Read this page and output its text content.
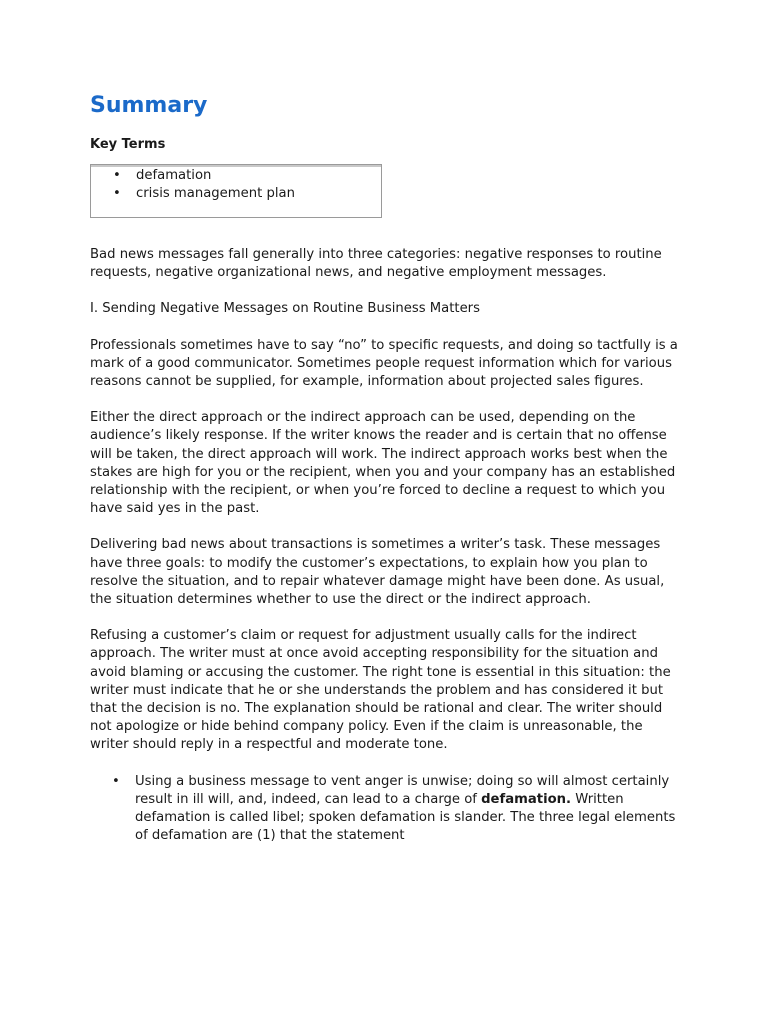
Summary
Key Terms
• defamation
• crisis management plan

Bad news messages fall generally into three categories: negative responses to routine requests, negative organizational news, and negative employment messages.

I. Sending Negative Messages on Routine Business Matters

Professionals sometimes have to say “no” to specific requests, and doing so tactfully is a mark of a good communicator. Sometimes people request information which for various reasons cannot be supplied, for example, information about projected sales figures.

Either the direct approach or the indirect approach can be used, depending on the audience’s likely response. If the writer knows the reader and is certain that no offense will be taken, the direct approach will work. The indirect approach works best when the stakes are high for you or the recipient, when you and your company has an established relationship with the recipient, or when you’re forced to decline a request to which you have said yes in the past.

Delivering bad news about transactions is sometimes a writer’s task. These messages have three goals: to modify the customer’s expectations, to explain how you plan to resolve the situation, and to repair whatever damage might have been done. As usual, the situation determines whether to use the direct or the indirect approach.

Refusing a customer’s claim or request for adjustment usually calls for the indirect approach. The writer must at once avoid accepting responsibility for the situation and avoid blaming or accusing the customer. The right tone is essential in this situation: the writer must indicate that he or she understands the problem and has considered it but that the decision is no. The explanation should be rational and clear. The writer should not apologize or hide behind company policy. Even if the claim is unreasonable, the writer should reply in a respectful and moderate tone.

• Using a business message to vent anger is unwise; doing so will almost certainly result in ill will, and, indeed, can lead to a charge of defamation. Written defamation is called libel; spoken defamation is slander. The three legal elements of defamation are (1) that the statement
